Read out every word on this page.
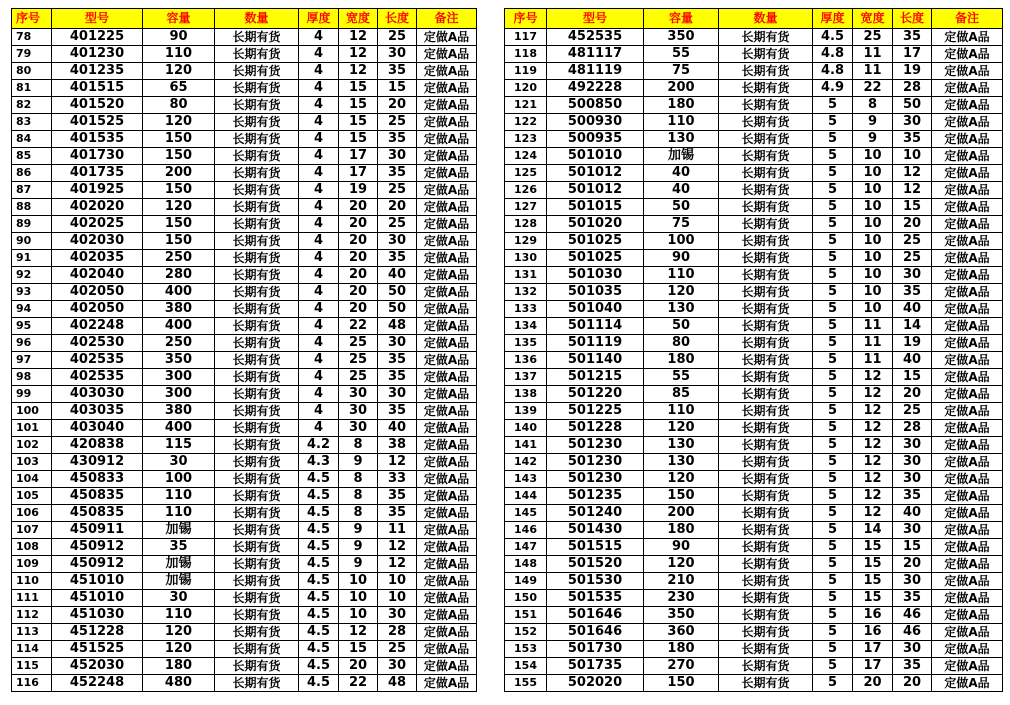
序号	型号	容量	数量	厚度	宽度	长度	备注
78	401225	90	长期有货	4	12	25	定做A品
79	401230	110	长期有货	4	12	30	定做A品
80	401235	120	长期有货	4	12	35	定做A品
81	401515	65	长期有货	4	15	15	定做A品
82	401520	80	长期有货	4	15	20	定做A品
83	401525	120	长期有货	4	15	25	定做A品
84	401535	150	长期有货	4	15	35	定做A品
85	401730	150	长期有货	4	17	30	定做A品
86	401735	200	长期有货	4	17	35	定做A品
87	401925	150	长期有货	4	19	25	定做A品
88	402020	120	长期有货	4	20	20	定做A品
89	402025	150	长期有货	4	20	25	定做A品
90	402030	150	长期有货	4	20	30	定做A品
91	402035	250	长期有货	4	20	35	定做A品
92	402040	280	长期有货	4	20	40	定做A品
93	402050	400	长期有货	4	20	50	定做A品
94	402050	380	长期有货	4	20	50	定做A品
95	402248	400	长期有货	4	22	48	定做A品
96	402530	250	长期有货	4	25	30	定做A品
97	402535	350	长期有货	4	25	35	定做A品
98	402535	300	长期有货	4	25	35	定做A品
99	403030	300	长期有货	4	30	30	定做A品
100	403035	380	长期有货	4	30	35	定做A品
101	403040	400	长期有货	4	30	40	定做A品
102	420838	115	长期有货	4.2	8	38	定做A品
103	430912	30	长期有货	4.3	9	12	定做A品
104	450833	100	长期有货	4.5	8	33	定做A品
105	450835	110	长期有货	4.5	8	35	定做A品
106	450835	110	长期有货	4.5	8	35	定做A品
107	450911	加锡	长期有货	4.5	9	11	定做A品
108	450912	35	长期有货	4.5	9	12	定做A品
109	450912	加锡	长期有货	4.5	9	12	定做A品
110	451010	加锡	长期有货	4.5	10	10	定做A品
111	451010	30	长期有货	4.5	10	10	定做A品
112	451030	110	长期有货	4.5	10	30	定做A品
113	451228	120	长期有货	4.5	12	28	定做A品
114	451525	120	长期有货	4.5	15	25	定做A品
115	452030	180	长期有货	4.5	20	30	定做A品
116	452248	480	长期有货	4.5	22	48	定做A品
序号	型号	容量	数量	厚度	宽度	长度	备注
117	452535	350	长期有货	4.5	25	35	定做A品
118	481117	55	长期有货	4.8	11	17	定做A品
119	481119	75	长期有货	4.8	11	19	定做A品
120	492228	200	长期有货	4.9	22	28	定做A品
121	500850	180	长期有货	5	8	50	定做A品
122	500930	110	长期有货	5	9	30	定做A品
123	500935	130	长期有货	5	9	35	定做A品
124	501010	加锡	长期有货	5	10	10	定做A品
125	501012	40	长期有货	5	10	12	定做A品
126	501012	40	长期有货	5	10	12	定做A品
127	501015	50	长期有货	5	10	15	定做A品
128	501020	75	长期有货	5	10	20	定做A品
129	501025	100	长期有货	5	10	25	定做A品
130	501025	90	长期有货	5	10	25	定做A品
131	501030	110	长期有货	5	10	30	定做A品
132	501035	120	长期有货	5	10	35	定做A品
133	501040	130	长期有货	5	10	40	定做A品
134	501114	50	长期有货	5	11	14	定做A品
135	501119	80	长期有货	5	11	19	定做A品
136	501140	180	长期有货	5	11	40	定做A品
137	501215	55	长期有货	5	12	15	定做A品
138	501220	85	长期有货	5	12	20	定做A品
139	501225	110	长期有货	5	12	25	定做A品
140	501228	120	长期有货	5	12	28	定做A品
141	501230	130	长期有货	5	12	30	定做A品
142	501230	130	长期有货	5	12	30	定做A品
143	501230	120	长期有货	5	12	30	定做A品
144	501235	150	长期有货	5	12	35	定做A品
145	501240	200	长期有货	5	12	40	定做A品
146	501430	180	长期有货	5	14	30	定做A品
147	501515	90	长期有货	5	15	15	定做A品
148	501520	120	长期有货	5	15	20	定做A品
149	501530	210	长期有货	5	15	30	定做A品
150	501535	230	长期有货	5	15	35	定做A品
151	501646	350	长期有货	5	16	46	定做A品
152	501646	360	长期有货	5	16	46	定做A品
153	501730	180	长期有货	5	17	30	定做A品
154	501735	270	长期有货	5	17	35	定做A品
155	502020	150	长期有货	5	20	20	定做A品
